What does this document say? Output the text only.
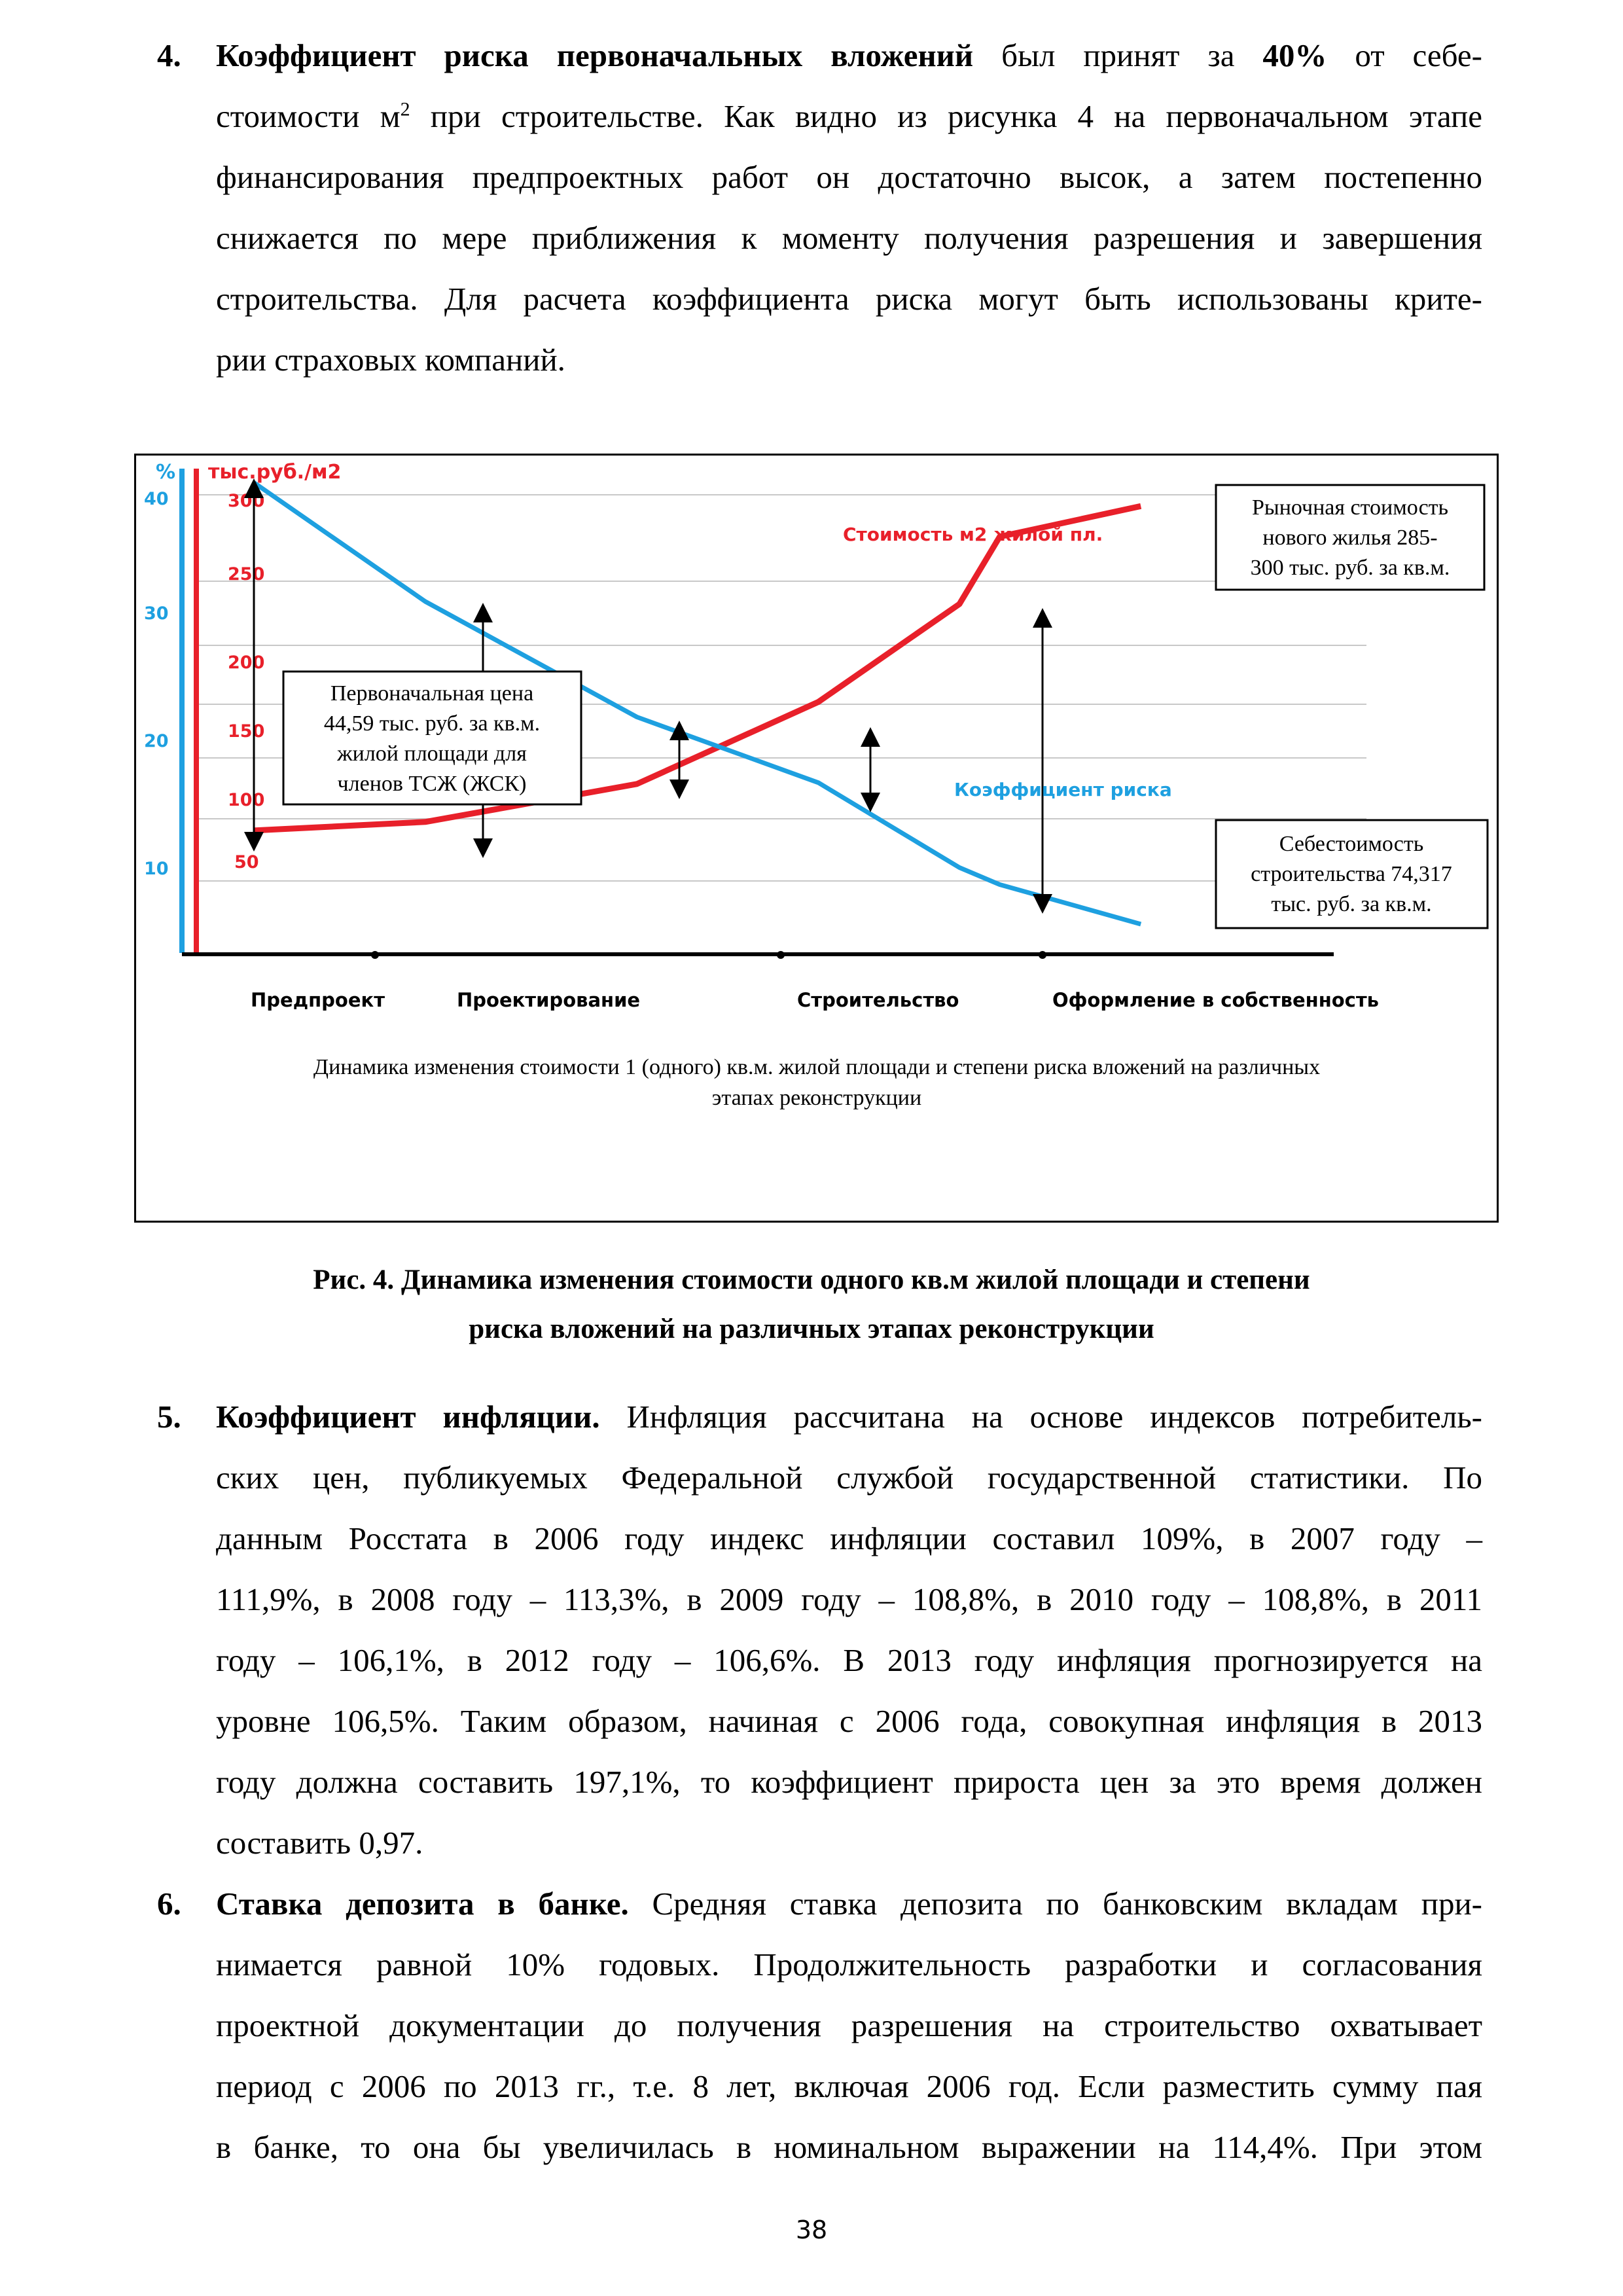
4.	Коэффициент риска первоначальных вложений был принят за 40% от себе-
стоимости $м^2$ при строительстве. Как видно из рисунка 4 на первоначальном этапе
финансирования предпроектных работ он достаточно высок, а затем постепенно
снижается по мере приближения к моменту получения разрешения и завершения
строительства. Для расчета коэффициента риска могут быть использованы крите-
рии страховых компаний.
% тыс.руб./м2
40
30
20
10
300
250
200
150
100
50
Стоимость м2 жилой пл.
Коэффициент риска
Предпроект	Проектирование	Строительство	Оформление в собственность
Первоначальная цена
44,59 тыс. руб. за кв.м.
жилой площади для
членов ТСЖ (ЖСК)
Рыночная стоимость
нового жилья 285-
300 тыс. руб. за кв.м.
Себестоимость
строительства 74,317
тыс. руб. за кв.м.
Динамика изменения стоимости 1 (одного) кв.м. жилой площади и степени риска вложений на различных
этапах реконструкции
Рис. 4. Динамика изменения стоимости одного кв.м жилой площади и степени
риска вложений на различных этапах реконструкции
5.	Коэффициент инфляции. Инфляция рассчитана на основе индексов потребитель-
ских цен, публикуемых Федеральной службой государственной статистики. По
данным Росстата в 2006 году индекс инфляции составил 109%, в 2007 году –
111,9%, в 2008 году – 113,3%, в 2009 году – 108,8%, в 2010 году – 108,8%, в 2011
году – 106,1%, в 2012 году – 106,6%. В 2013 году инфляция прогнозируется на
уровне 106,5%. Таким образом, начиная с 2006 года, совокупная инфляция в 2013
году должна составить 197,1%, то коэффициент прироста цен за это время должен
составить 0,97.
6.	Ставка депозита в банке. Средняя ставка депозита по банковским вкладам при-
нимается равной 10% годовых. Продолжительность разработки и согласования
проектной документации до получения разрешения на строительство охватывает
период с 2006 по 2013 гг., т.е. 8 лет, включая 2006 год. Если разместить сумму пая
в банке, то она бы увеличилась в номинальном выражении на 114,4%. При этом
38
